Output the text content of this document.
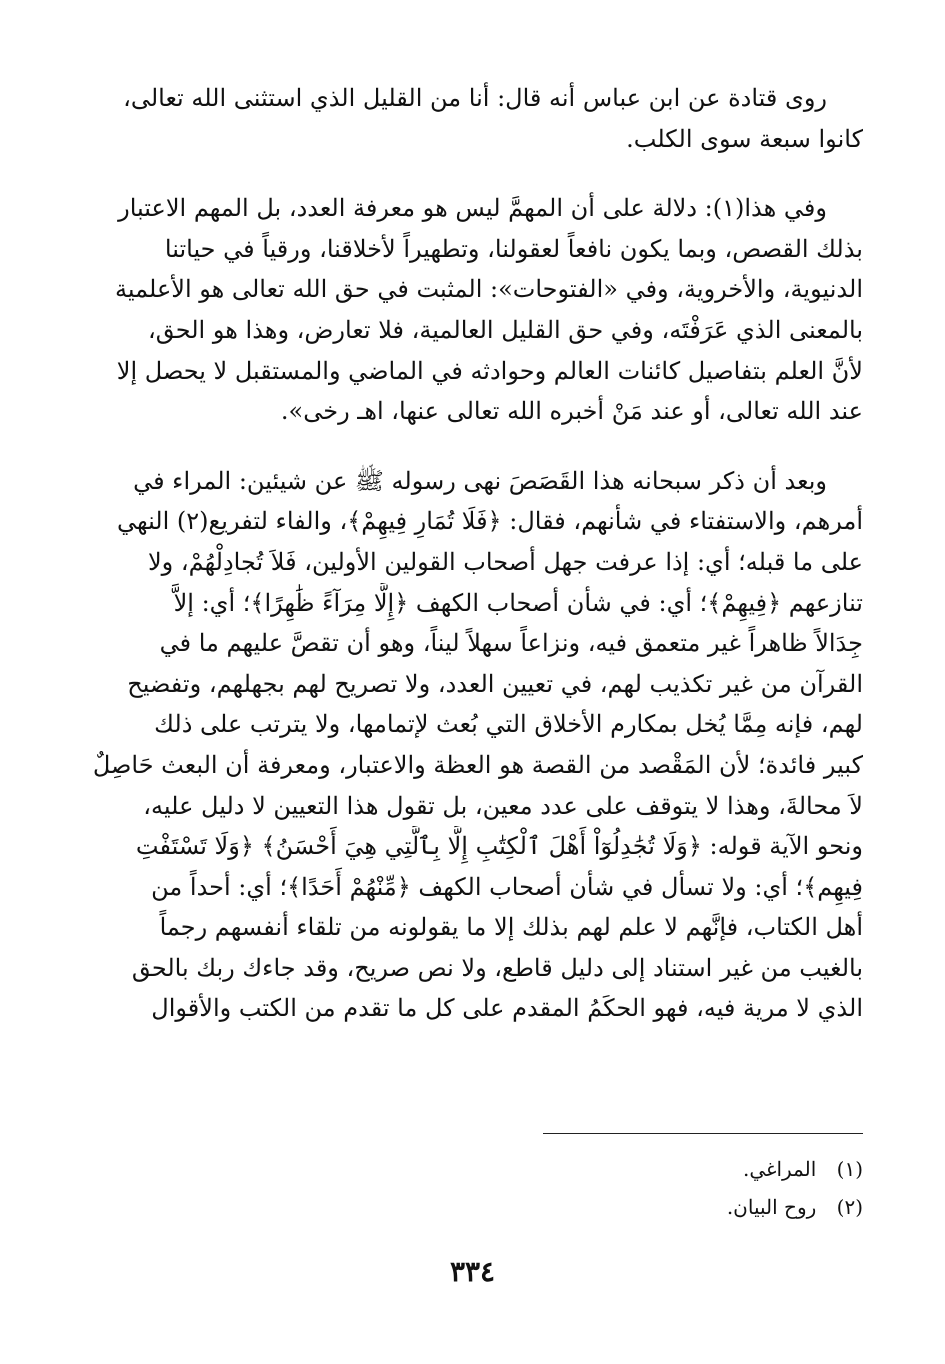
روى قتادة عن ابن عباس أنه قال: أنا من القليل الذي استثنى الله تعالى،

كانوا سبعة سوى الكلب.

وفي هذا(١): دلالة على أن المهمَّ ليس هو معرفة العدد، بل المهم الاعتبار

بذلك القصص، وبما يكون نافعاً لعقولنا، وتطهيراً لأخلاقنا، ورقياً في حياتنا

الدنيوية، والأخروية، وفي «الفتوحات»: المثبت في حق الله تعالى هو الأعلمية

بالمعنى الذي عَرَفْتَه، وفي حق القليل العالمية، فلا تعارض، وهذا هو الحق،

لأنَّ العلم بتفاصيل كائنات العالم وحوادثه في الماضي والمستقبل لا يحصل إلا

عند الله تعالى، أو عند مَنْ أخبره الله تعالى عنها، اهـ رخى».

وبعد أن ذكر سبحانه هذا القَصَصَ نهى رسوله ﷺ عن شيئين: المراء في

أمرهم، والاستفتاء في شأنهم، فقال: ﴿فَلَا تُمَارِ فِيهِمْ﴾، والفاء لتفريع(٢) النهي

على ما قبله؛ أي: إذا عرفت جهل أصحاب القولين الأولين، فَلاَ تُجادِلْهُمْ، ولا

تنازعهم ﴿فِيهِمْ﴾؛ أي: في شأن أصحاب الكهف ﴿إِلَّا مِرَآءً ظَٰهِرًا﴾؛ أي: إلاَّ

جِدَالاً ظاهراً غير متعمق فيه، ونزاعاً سهلاً ليناً، وهو أن تقصَّ عليهم ما في

القرآن من غير تكذيب لهم، في تعيين العدد، ولا تصريح لهم بجهلهم، وتفضيح

لهم، فإنه مِمَّا يُخل بمكارم الأخلاق التي بُعث لإتمامها، ولا يترتب على ذلك

كبير فائدة؛ لأن المَقْصد من القصة هو العظة والاعتبار، ومعرفة أن البعث حَاصِلٌ

لاَ محالةَ، وهذا لا يتوقف على عدد معين، بل تقول هذا التعيين لا دليل عليه،

ونحو الآية قوله: ﴿وَلَا تُجَٰدِلُوٓاْ أَهْلَ ٱلْكِتَٰبِ إِلَّا بِٱلَّتِي هِيَ أَحْسَنُ﴾ ﴿وَلَا تَسْتَفْتِ

فِيهِم﴾؛ أي: ولا تسأل في شأن أصحاب الكهف ﴿مِّنْهُمْ أَحَدًا﴾؛ أي: أحداً من

أهل الكتاب، فإنَّهم لا علم لهم بذلك إلا ما يقولونه من تلقاء أنفسهم رجماً

بالغيب من غير استناد إلى دليل قاطع، ولا نص صريح، وقد جاءك ربك بالحق

الذي لا مرية فيه، فهو الحكَمُ المقدم على كل ما تقدم من الكتب والأقوال

(١) المراغي.

(٢) روح البيان.

٣٣٤
